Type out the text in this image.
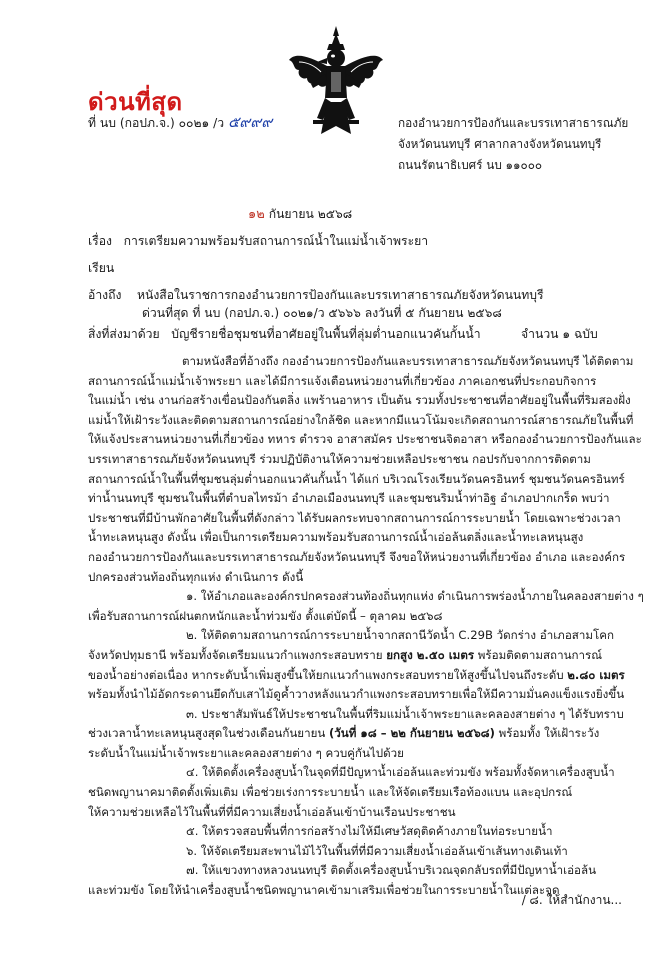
ด่วนที่สุด
ที่ นบ (กอปภ.จ.) ๐๐๒๑ /ว ๕๙๙๙	กองอำนวยการป้องกันและบรรเทาสาธารณภัย
จังหวัดนนทบุรี ศาลากลางจังหวัดนนทบุรี
ถนนรัตนาธิเบศร์ นบ ๑๑๐๐๐
๑๒ กันยายน ๒๕๖๘
เรื่อง การเตรียมความพร้อมรับสถานการณ์น้ำในแม่น้ำเจ้าพระยา
เรียน
อ้างถึง หนังสือในราชการกองอำนวยการป้องกันและบรรเทาสาธารณภัยจังหวัดนนทบุรี
ด่วนที่สุด ที่ นบ (กอปภ.จ.) ๐๐๒๑/ว ๕๖๖๖ ลงวันที่ ๕ กันยายน ๒๕๖๘
สิ่งที่ส่งมาด้วย บัญชีรายชื่อชุมชนที่อาศัยอยู่ในพื้นที่ลุ่มต่ำนอกแนวคันกั้นน้ำ	จำนวน ๑ ฉบับ

ตามหนังสือที่อ้างถึง กองอำนวยการป้องกันและบรรเทาสาธารณภัยจังหวัดนนทบุรี ได้ติดตาม

สถานการณ์น้ำแม่น้ำเจ้าพระยา และได้มีการแจ้งเตือนหน่วยงานที่เกี่ยวข้อง ภาคเอกชนที่ประกอบกิจการ

ในแม่น้ำ เช่น งานก่อสร้างเขื่อนป้องกันตลิ่ง แพร้านอาหาร เป็นต้น รวมทั้งประชาชนที่อาศัยอยู่ในพื้นที่ริมสองฝั่ง

แม่น้ำให้เฝ้าระวังและติดตามสถานการณ์อย่างใกล้ชิด และหากมีแนวโน้มจะเกิดสถานการณ์สาธารณภัยในพื้นที่

ให้แจ้งประสานหน่วยงานที่เกี่ยวข้อง ทหาร ตำรวจ อาสาสมัคร ประชาชนจิตอาสา หรือกองอำนวยการป้องกันและ

บรรเทาสาธารณภัยจังหวัดนนทบุรี ร่วมปฏิบัติงานให้ความช่วยเหลือประชาชน กอปรกับจากการติดตาม

สถานการณ์น้ำในพื้นที่ชุมชนลุ่มต่ำนอกแนวคันกั้นน้ำ ได้แก่ บริเวณโรงเรียนวัดนครอินทร์ ชุมชนวัดนครอินทร์

ท่าน้ำนนทบุรี ชุมชนในพื้นที่ตำบลไทรม้า อำเภอเมืองนนทบุรี และชุมชนริมน้ำท่าอิฐ อำเภอปากเกร็ด พบว่า

ประชาชนที่มีบ้านพักอาศัยในพื้นที่ดังกล่าว ได้รับผลกระทบจากสถานการณ์การระบายน้ำ โดยเฉพาะช่วงเวลา

น้ำทะเลหนุนสูง ดังนั้น เพื่อเป็นการเตรียมความพร้อมรับสถานการณ์น้ำเอ่อล้นตลิ่งและน้ำทะเลหนุนสูง

กองอำนวยการป้องกันและบรรเทาสาธารณภัยจังหวัดนนทบุรี จึงขอให้หน่วยงานที่เกี่ยวข้อง อำเภอ และองค์กร

ปกครองส่วนท้องถิ่นทุกแห่ง ดำเนินการ ดังนี้

๑. ให้อำเภอและองค์กรปกครองส่วนท้องถิ่นทุกแห่ง ดำเนินการพร่องน้ำภายในคลองสายต่าง ๆ

เพื่อรับสถานการณ์ฝนตกหนักและน้ำท่วมขัง ตั้งแต่บัดนี้ – ตุลาคม ๒๕๖๘

๒. ให้ติดตามสถานการณ์การระบายน้ำจากสถานีวัดน้ำ C.29B วัดกร่าง อำเภอสามโคก

จังหวัดปทุมธานี พร้อมทั้งจัดเตรียมแนวกำแพงกระสอบทราย ยกสูง ๒.๕๐ เมตร พร้อมติดตามสถานการณ์

ของน้ำอย่างต่อเนื่อง หากระดับน้ำเพิ่มสูงขึ้นให้ยกแนวกำแพงกระสอบทรายให้สูงขึ้นไปจนถึงระดับ ๒.๘๐ เมตร

พร้อมทั้งนำไม้อัดกระดานยึดกับเสาไม้ดูค้ำวางหลังแนวกำแพงกระสอบทรายเพื่อให้มีความมั่นคงแข็งแรงยิ่งขึ้น

๓. ประชาสัมพันธ์ให้ประชาชนในพื้นที่ริมแม่น้ำเจ้าพระยาและคลองสายต่าง ๆ ได้รับทราบ

ช่วงเวลาน้ำทะเลหนุนสูงสุดในช่วงเดือนกันยายน (วันที่ ๑๘ – ๒๒ กันยายน ๒๕๖๘) พร้อมทั้ง ให้เฝ้าระวัง

ระดับน้ำในแม่น้ำเจ้าพระยาและคลองสายต่าง ๆ ควบคู่กันไปด้วย

๔. ให้ติดตั้งเครื่องสูบน้ำในจุดที่มีปัญหาน้ำเอ่อล้นและท่วมขัง พร้อมทั้งจัดหาเครื่องสูบน้ำ

ชนิดพญานาคมาติดตั้งเพิ่มเติม เพื่อช่วยเร่งการระบายน้ำ และให้จัดเตรียมเรือท้องแบน และอุปกรณ์

ให้ความช่วยเหลือไว้ในพื้นที่ที่มีความเสี่ยงน้ำเอ่อล้นเข้าบ้านเรือนประชาชน

๕. ให้ตรวจสอบพื้นที่การก่อสร้างไม่ให้มีเศษวัสดุติดค้างภายในท่อระบายน้ำ

๖. ให้จัดเตรียมสะพานไม้ไว้ในพื้นที่ที่มีความเสี่ยงน้ำเอ่อล้นเข้าเส้นทางเดินเท้า

๗. ให้แขวงทางหลวงนนทบุรี ติดตั้งเครื่องสูบน้ำบริเวณจุดกลับรถที่มีปัญหาน้ำเอ่อล้น

และท่วมขัง โดยให้นำเครื่องสูบน้ำชนิดพญานาคเข้ามาเสริมเพื่อช่วยในการระบายน้ำในแต่ละจุด

/ ๘. ให้สำนักงาน...
